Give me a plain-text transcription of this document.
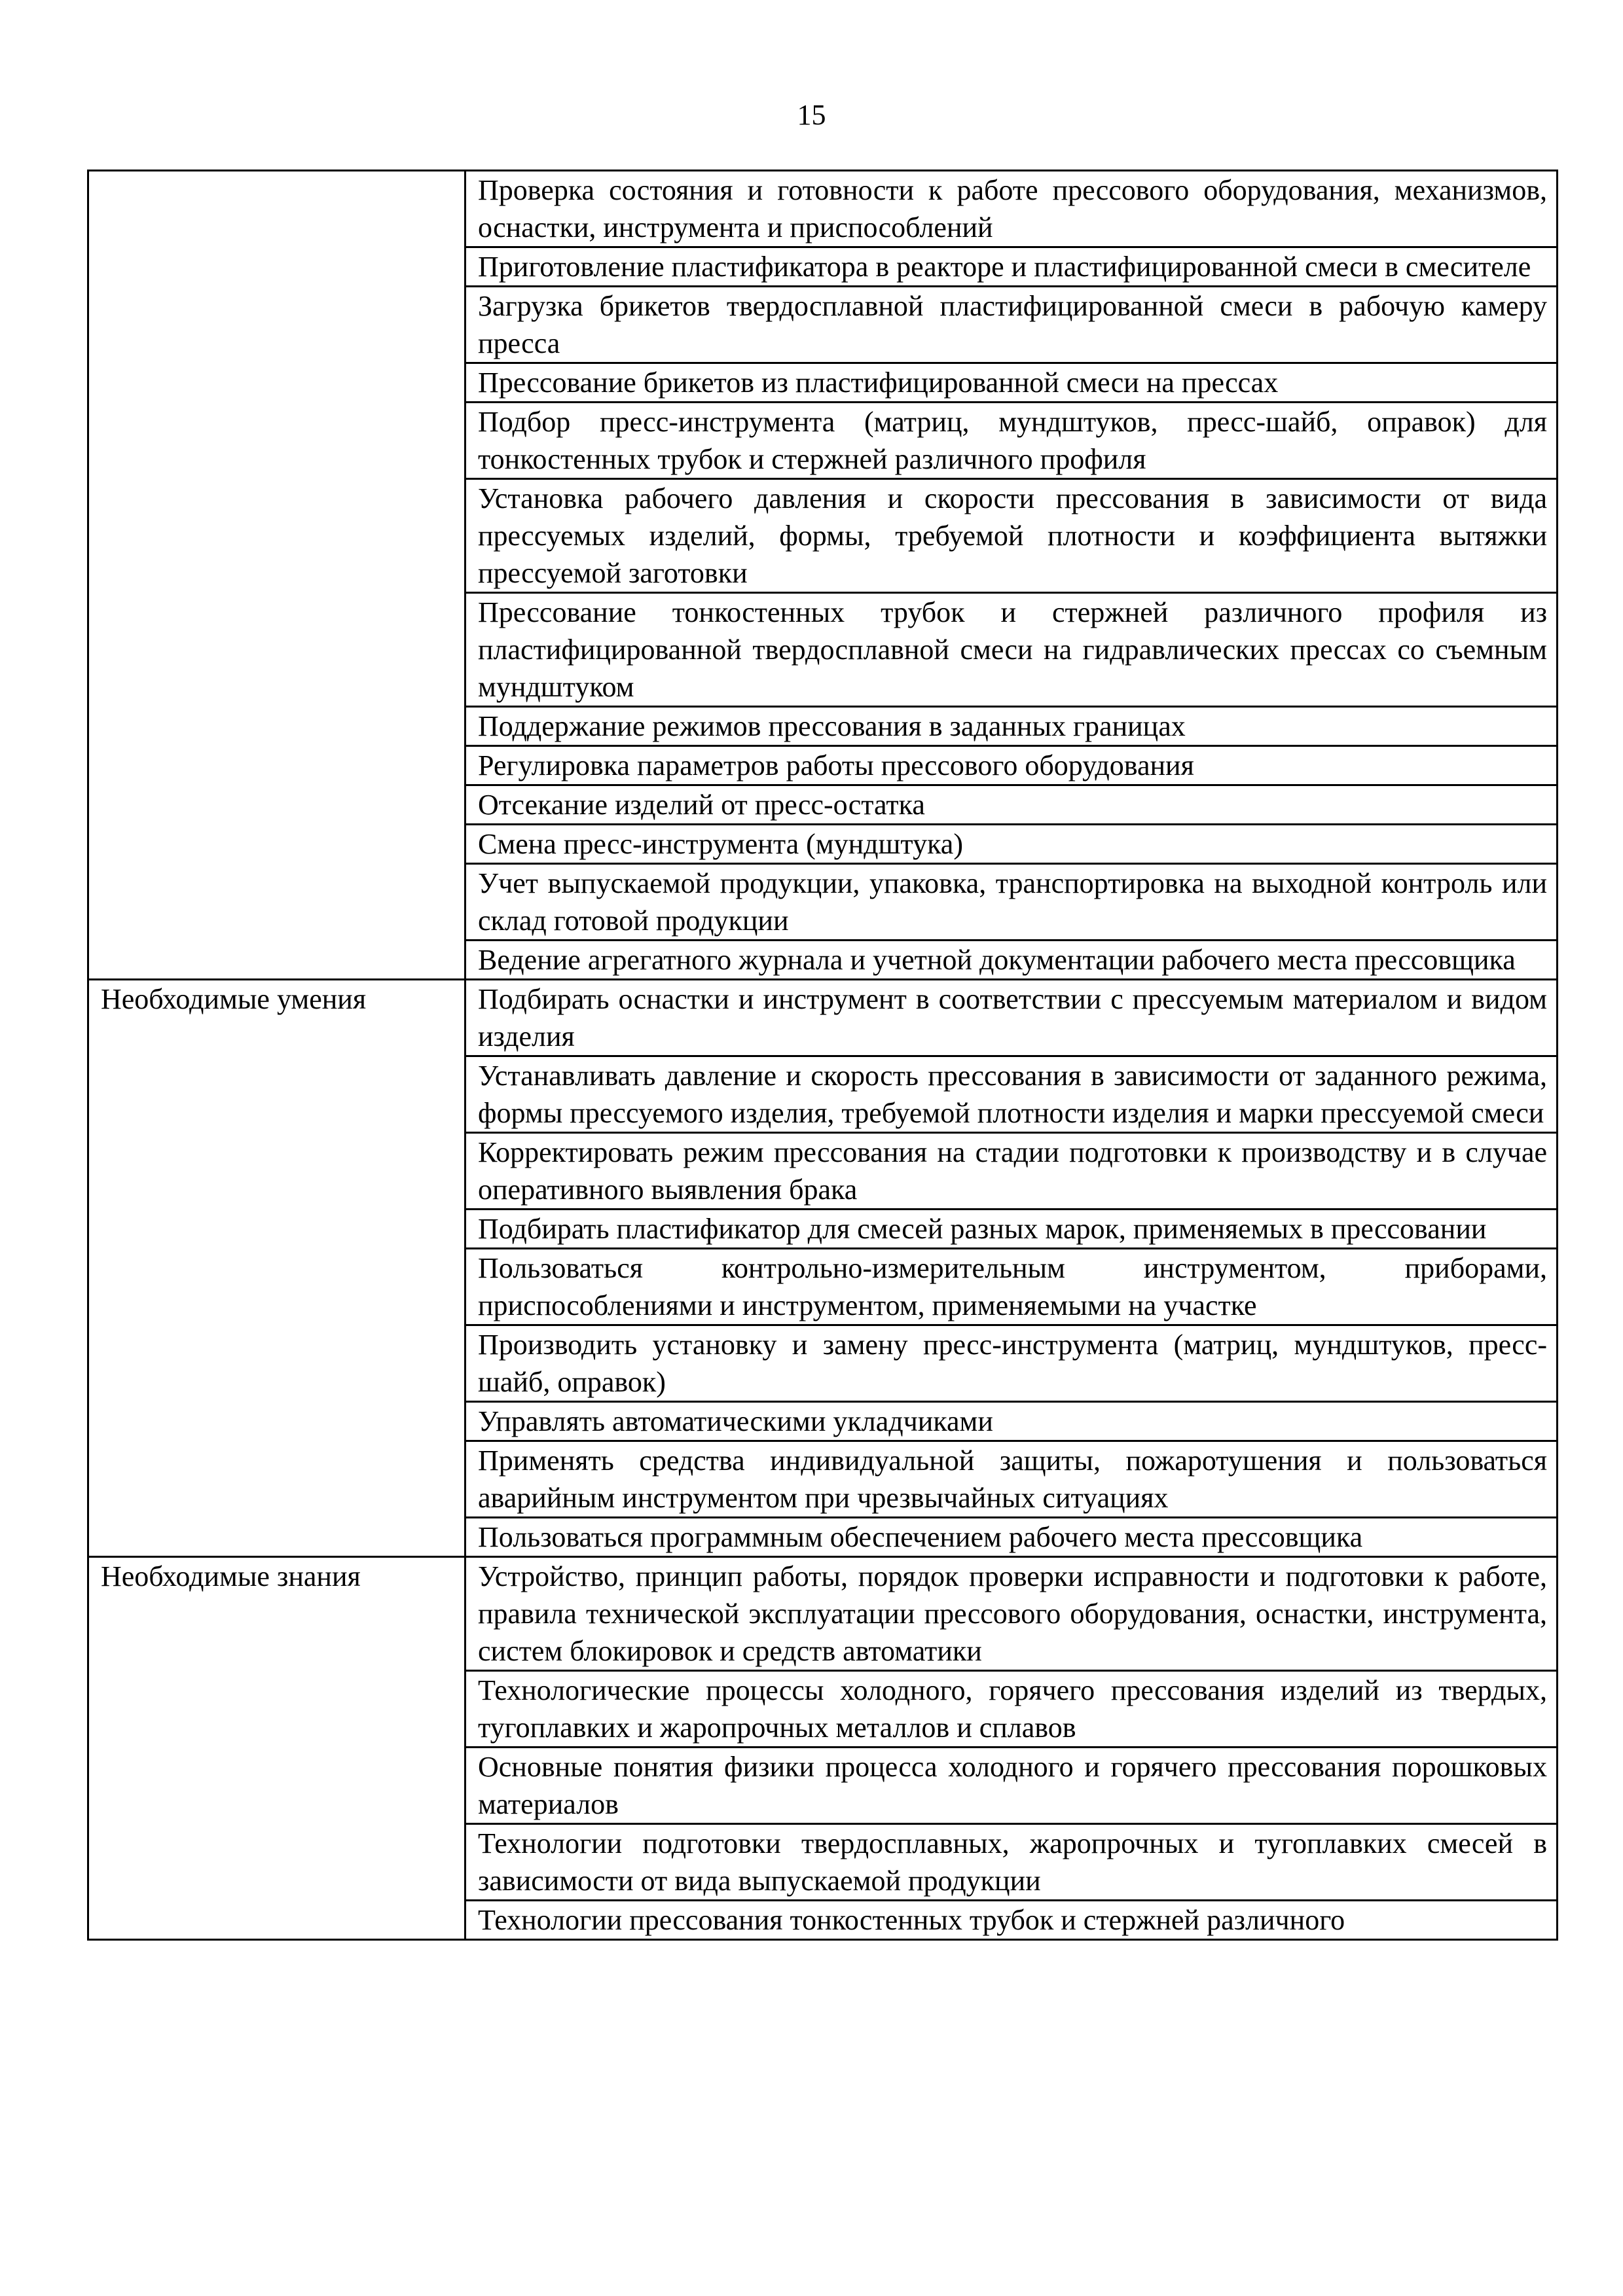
15

	Проверка состояния и готовности к работе прессового оборудования, механизмов, оснастки, инструмента и приспособлений

	Приготовление пластификатора в реакторе и пластифицированной смеси в смесителе

	Загрузка брикетов твердосплавной пластифицированной смеси в рабочую камеру пресса

	Прессование брикетов из пластифицированной смеси на прессах

	Подбор пресс-инструмента (матриц, мундштуков, пресс-шайб, оправок) для тонкостенных трубок и стержней различного профиля

	Установка рабочего давления и скорости прессования в зависимости от вида прессуемых изделий, формы, требуемой плотности и коэффициента вытяжки прессуемой заготовки

	Прессование тонкостенных трубок и стержней различного профиля из пластифицированной твердосплавной смеси на гидравлических прессах со съемным мундштуком

	Поддержание режимов прессования в заданных границах

	Регулировка параметров работы прессового оборудования

	Отсекание изделий от пресс-остатка

	Смена пресс-инструмента (мундштука)

	Учет выпускаемой продукции, упаковка, транспортировка на выходной контроль или склад готовой продукции

	Ведение агрегатного журнала и учетной документации рабочего места прессовщика

Необходимые умения	Подбирать оснастки и инструмент в соответствии с прессуемым материалом и видом изделия

	Устанавливать давление и скорость прессования в зависимости от заданного режима, формы прессуемого изделия, требуемой плотности изделия и марки прессуемой смеси

	Корректировать режим прессования на стадии подготовки к производству и в случае оперативного выявления брака

	Подбирать пластификатор для смесей разных марок, применяемых в прессовании

	Пользоваться контрольно-измерительным инструментом, приборами, приспособлениями и инструментом, применяемыми на участке

	Производить установку и замену пресс-инструмента (матриц, мундштуков, пресс-шайб, оправок)

	Управлять автоматическими укладчиками

	Применять средства индивидуальной защиты, пожаротушения и пользоваться аварийным инструментом при чрезвычайных ситуациях

	Пользоваться программным обеспечением рабочего места прессовщика

Необходимые знания	Устройство, принцип работы, порядок проверки исправности и подготовки к работе, правила технической эксплуатации прессового оборудования, оснастки, инструмента, систем блокировок и средств автоматики

	Технологические процессы холодного, горячего прессования изделий из твердых, тугоплавких и жаропрочных металлов и сплавов

	Основные понятия физики процесса холодного и горячего прессования порошковых материалов

	Технологии подготовки твердосплавных, жаропрочных и тугоплавких смесей в зависимости от вида выпускаемой продукции

	Технологии прессования тонкостенных трубок и стержней различного
